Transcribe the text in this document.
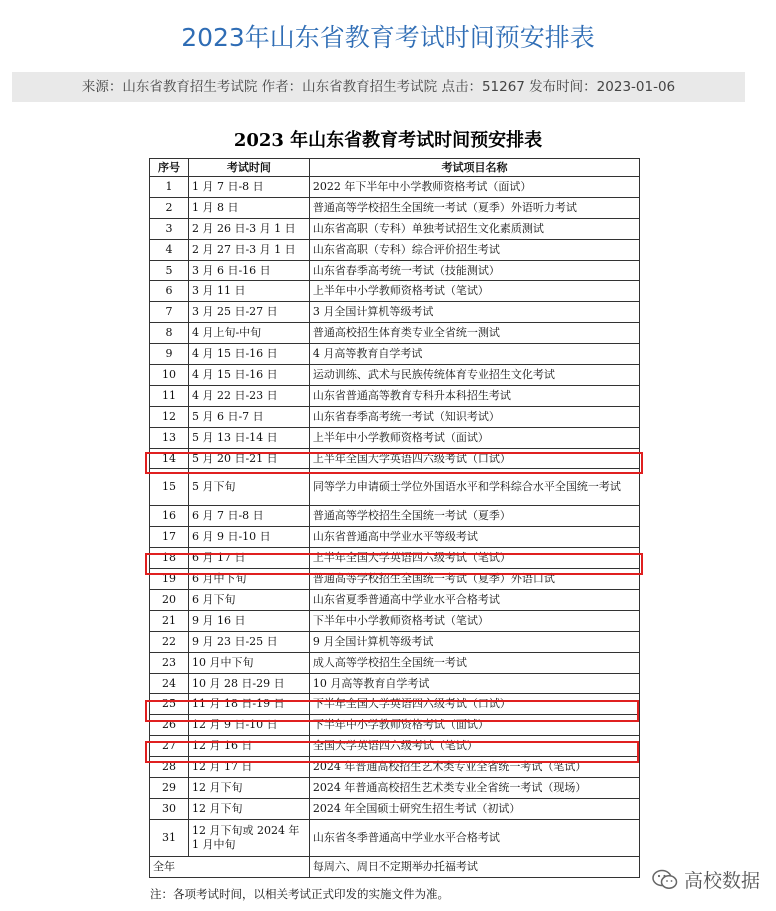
2023年山东省教育考试时间预安排表
来源：山东省教育招生考试院 作者：山东省教育招生考试院 点击：51267 发布时间：2023-01-06
2023 年山东省教育考试时间预安排表
序号	考试时间	考试项目名称
1	1 月 7 日-8 日	2022 年下半年中小学教师资格考试（面试）
2	1 月 8 日	普通高等学校招生全国统一考试（夏季）外语听力考试
3	2 月 26 日-3 月 1 日	山东省高职（专科）单独考试招生文化素质测试
4	2 月 27 日-3 月 1 日	山东省高职（专科）综合评价招生考试
5	3 月 6 日-16 日	山东省春季高考统一考试（技能测试）
6	3 月 11 日	上半年中小学教师资格考试（笔试）
7	3 月 25 日-27 日	3 月全国计算机等级考试
8	4 月上旬-中旬	普通高校招生体育类专业全省统一测试
9	4 月 15 日-16 日	4 月高等教育自学考试
10	4 月 15 日-16 日	运动训练、武术与民族传统体育专业招生文化考试
11	4 月 22 日-23 日	山东省普通高等教育专科升本科招生考试
12	5 月 6 日-7 日	山东省春季高考统一考试（知识考试）
13	5 月 13 日-14 日	上半年中小学教师资格考试（面试）
14	5 月 20 日-21 日	上半年全国大学英语四六级考试（口试）
15	5 月下旬	同等学力申请硕士学位外国语水平和学科综合水平全国统一考试
16	6 月 7 日-8 日	普通高等学校招生全国统一考试（夏季）
17	6 月 9 日-10 日	山东省普通高中学业水平等级考试
18	6 月 17 日	上半年全国大学英语四六级考试（笔试）
19	6 月中下旬	普通高等学校招生全国统一考试（夏季）外语口试
20	6 月下旬	山东省夏季普通高中学业水平合格考试
21	9 月 16 日	下半年中小学教师资格考试（笔试）
22	9 月 23 日-25 日	9 月全国计算机等级考试
23	10 月中下旬	成人高等学校招生全国统一考试
24	10 月 28 日-29 日	10 月高等教育自学考试
25	11 月 18 日-19 日	下半年全国大学英语四六级考试（口试）
26	12 月 9 日-10 日	下半年中小学教师资格考试（面试）
27	12 月 16 日	全国大学英语四六级考试（笔试）
28	12 月 17 日	2024 年普通高校招生艺术类专业全省统一考试（笔试）
29	12 月下旬	2024 年普通高校招生艺术类专业全省统一考试（现场）
30	12 月下旬	2024 年全国硕士研究生招生考试（初试）
31	12 月下旬或 2024 年 1 月中旬	山东省冬季普通高中学业水平合格考试
全年		每周六、周日不定期举办托福考试
注：各项考试时间，以相关考试正式印发的实施文件为准。
高校数据
